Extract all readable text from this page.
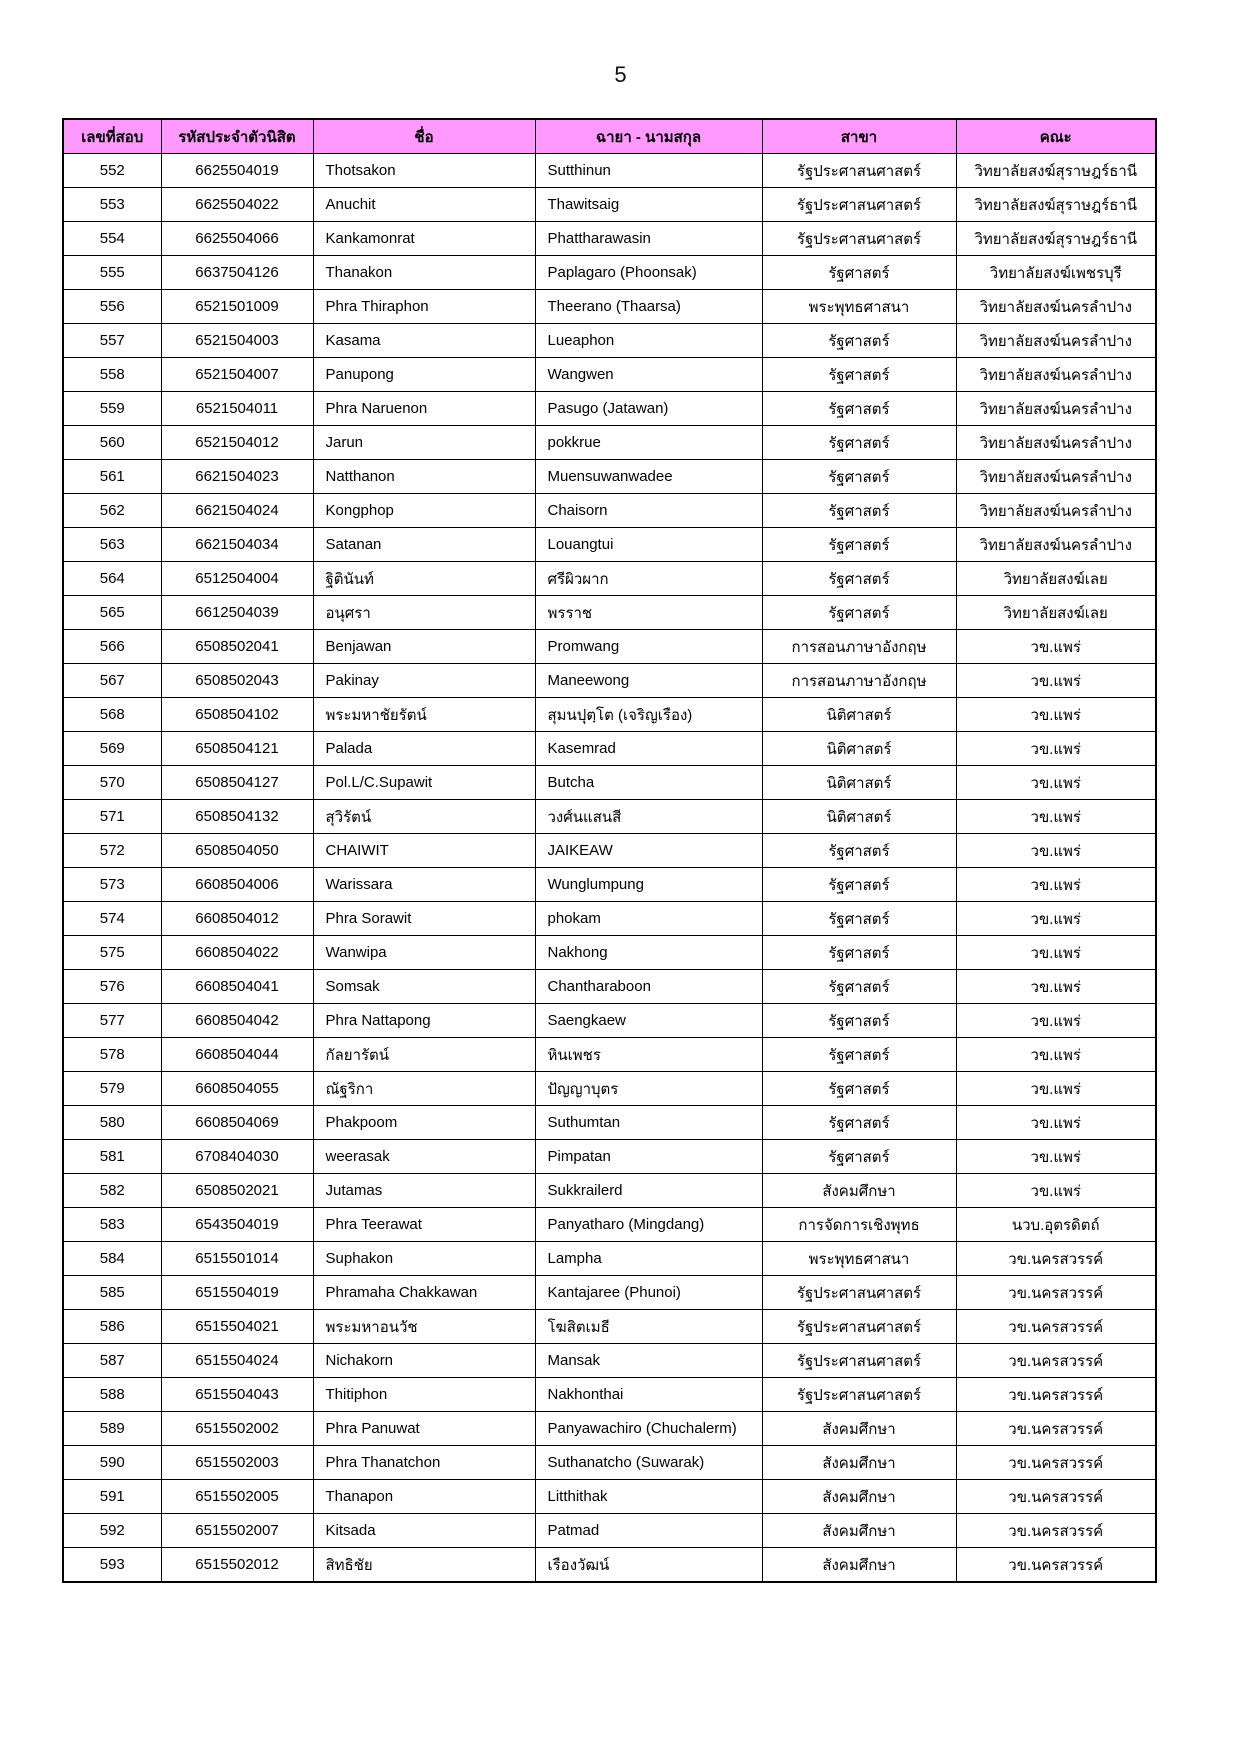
5
เลขที่สอบ	รหัสประจำตัวนิสิต	ชื่อ	ฉายา - นามสกุล	สาขา	คณะ
552	6625504019	Thotsakon	Sutthinun	รัฐประศาสนศาสตร์	วิทยาลัยสงฆ์สุราษฎร์ธานี
553	6625504022	Anuchit	Thawitsaig	รัฐประศาสนศาสตร์	วิทยาลัยสงฆ์สุราษฎร์ธานี
554	6625504066	Kankamonrat	Phattharawasin	รัฐประศาสนศาสตร์	วิทยาลัยสงฆ์สุราษฎร์ธานี
555	6637504126	Thanakon	Paplagaro (Phoonsak)	รัฐศาสตร์	วิทยาลัยสงฆ์เพชรบุรี
556	6521501009	Phra Thiraphon	Theerano (Thaarsa)	พระพุทธศาสนา	วิทยาลัยสงฆ์นครลำปาง
557	6521504003	Kasama	Lueaphon	รัฐศาสตร์	วิทยาลัยสงฆ์นครลำปาง
558	6521504007	Panupong	Wangwen	รัฐศาสตร์	วิทยาลัยสงฆ์นครลำปาง
559	6521504011	Phra Naruenon	Pasugo (Jatawan)	รัฐศาสตร์	วิทยาลัยสงฆ์นครลำปาง
560	6521504012	Jarun	pokkrue	รัฐศาสตร์	วิทยาลัยสงฆ์นครลำปาง
561	6621504023	Natthanon	Muensuwanwadee	รัฐศาสตร์	วิทยาลัยสงฆ์นครลำปาง
562	6621504024	Kongphop	Chaisorn	รัฐศาสตร์	วิทยาลัยสงฆ์นครลำปาง
563	6621504034	Satanan	Louangtui	รัฐศาสตร์	วิทยาลัยสงฆ์นครลำปาง
564	6512504004	ฐิตินันท์	ศรีผิวผาก	รัฐศาสตร์	วิทยาลัยสงฆ์เลย
565	6612504039	อนุศรา	พรราช	รัฐศาสตร์	วิทยาลัยสงฆ์เลย
566	6508502041	Benjawan	Promwang	การสอนภาษาอังกฤษ	วข.แพร่
567	6508502043	Pakinay	Maneewong	การสอนภาษาอังกฤษ	วข.แพร่
568	6508504102	พระมหาชัยรัตน์	สุมนปุตฺโต (เจริญเรือง)	นิติศาสตร์	วข.แพร่
569	6508504121	Palada	Kasemrad	นิติศาสตร์	วข.แพร่
570	6508504127	Pol.L/C.Supawit	Butcha	นิติศาสตร์	วข.แพร่
571	6508504132	สุวิรัตน์	วงศ์นแสนสี	นิติศาสตร์	วข.แพร่
572	6508504050	CHAIWIT	JAIKEAW	รัฐศาสตร์	วข.แพร่
573	6608504006	Warissara	Wunglumpung	รัฐศาสตร์	วข.แพร่
574	6608504012	Phra Sorawit	phokam	รัฐศาสตร์	วข.แพร่
575	6608504022	Wanwipa	Nakhong	รัฐศาสตร์	วข.แพร่
576	6608504041	Somsak	Chantharaboon	รัฐศาสตร์	วข.แพร่
577	6608504042	Phra Nattapong	Saengkaew	รัฐศาสตร์	วข.แพร่
578	6608504044	กัลยารัตน์	หินเพชร	รัฐศาสตร์	วข.แพร่
579	6608504055	ณัฐริกา	ปัญญาบุตร	รัฐศาสตร์	วข.แพร่
580	6608504069	Phakpoom	Suthumtan	รัฐศาสตร์	วข.แพร่
581	6708404030	weerasak	Pimpatan	รัฐศาสตร์	วข.แพร่
582	6508502021	Jutamas	Sukkrailerd	สังคมศึกษา	วข.แพร่
583	6543504019	Phra Teerawat	Panyatharo (Mingdang)	การจัดการเชิงพุทธ	นวบ.อุตรดิตถ์
584	6515501014	Suphakon	Lampha	พระพุทธศาสนา	วข.นครสวรรค์
585	6515504019	Phramaha Chakkawan	Kantajaree (Phunoi)	รัฐประศาสนศาสตร์	วข.นครสวรรค์
586	6515504021	พระมหาอนวัช	โฆสิตเมธี	รัฐประศาสนศาสตร์	วข.นครสวรรค์
587	6515504024	Nichakorn	Mansak	รัฐประศาสนศาสตร์	วข.นครสวรรค์
588	6515504043	Thitiphon	Nakhonthai	รัฐประศาสนศาสตร์	วข.นครสวรรค์
589	6515502002	Phra Panuwat	Panyawachiro (Chuchalerm)	สังคมศึกษา	วข.นครสวรรค์
590	6515502003	Phra Thanatchon	Suthanatcho (Suwarak)	สังคมศึกษา	วข.นครสวรรค์
591	6515502005	Thanapon	Litthithak	สังคมศึกษา	วข.นครสวรรค์
592	6515502007	Kitsada	Patmad	สังคมศึกษา	วข.นครสวรรค์
593	6515502012	สิทธิชัย	เรืองวัฒน์	สังคมศึกษา	วข.นครสวรรค์
